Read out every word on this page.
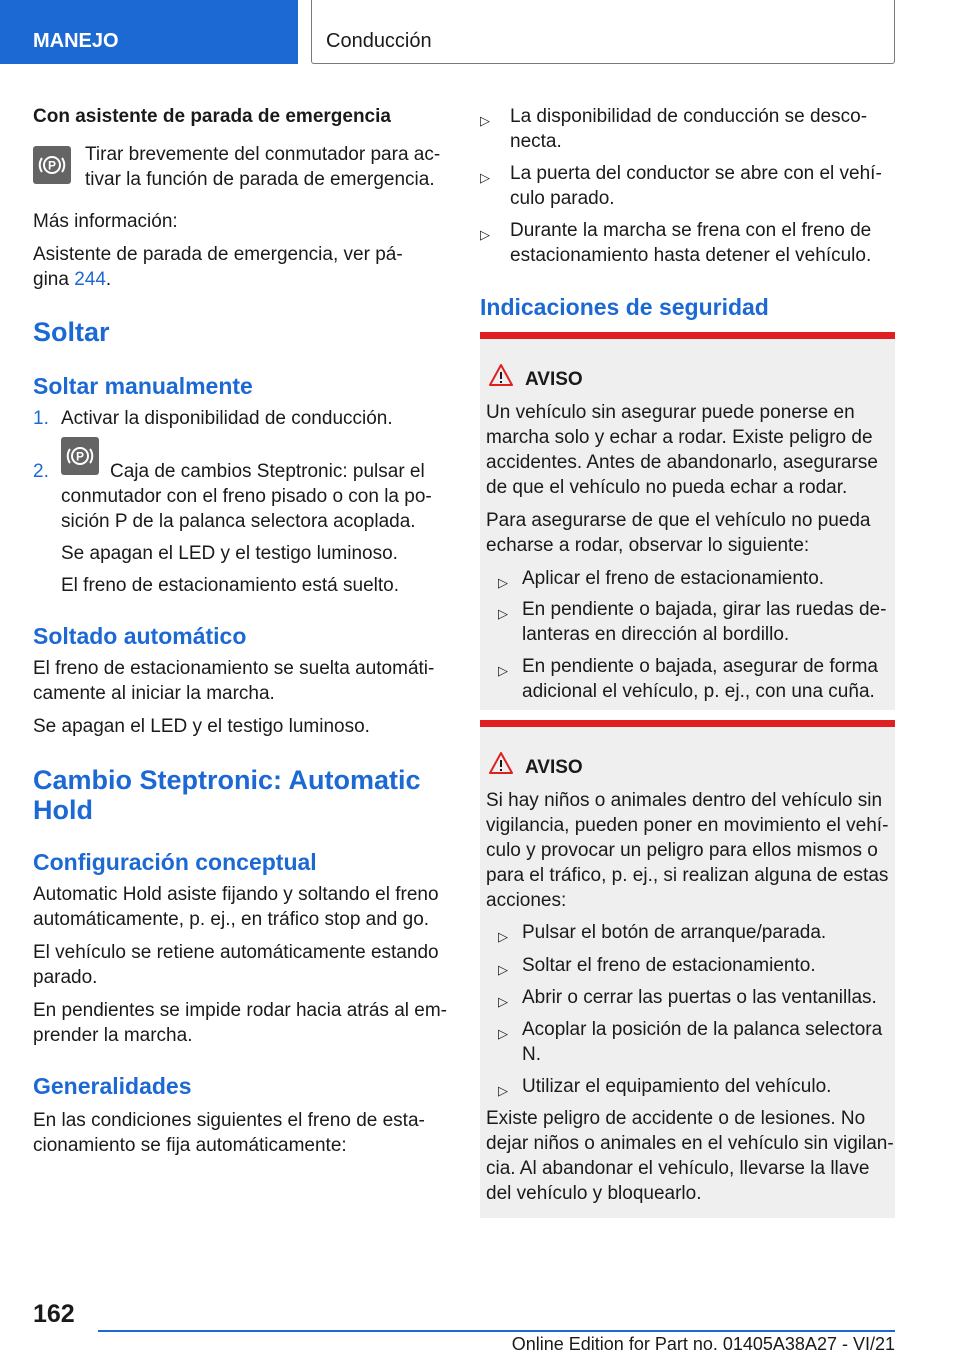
MANEJO	Conducción

Con asistente de parada de emergencia

P

Tirar brevemente del conmutador para ac-
tivar la función de parada de emergencia.

Más información:

Asistente de parada de emergencia, ver pá-
gina 244.

Soltar

Soltar manualmente

1. Activar la disponibilidad de conducción.
2.	Caja de cambios Steptronic: pulsar el
P

conmutador con el freno pisado o con la po-
sición P de la palanca selectora acoplada.

Se apagan el LED y el testigo luminoso.

El freno de estacionamiento está suelto.

Soltado automático

El freno de estacionamiento se suelta automáti-
camente al iniciar la marcha.

Se apagan el LED y el testigo luminoso.

Cambio Steptronic: Automatic
Hold

Configuración conceptual

Automatic Hold asiste fijando y soltando el freno
automáticamente, p. ej., en tráfico stop and go.

El vehículo se retiene automáticamente estando
parado.

En pendientes se impide rodar hacia atrás al em-
prender la marcha.

Generalidades

En las condiciones siguientes el freno de esta-
cionamiento se fija automáticamente:

▷ La disponibilidad de conducción se desco-
necta.
▷ La puerta del conductor se abre con el vehí-
culo parado.
▷ Durante la marcha se frena con el freno de
estacionamiento hasta detener el vehículo.

Indicaciones de seguridad

AVISO

Un vehículo sin asegurar puede ponerse en
marcha solo y echar a rodar. Existe peligro de
accidentes. Antes de abandonarlo, asegurarse
de que el vehículo no pueda echar a rodar.

Para asegurarse de que el vehículo no pueda
echarse a rodar, observar lo siguiente:

▷ Aplicar el freno de estacionamiento.
▷ En pendiente o bajada, girar las ruedas de-
lanteras en dirección al bordillo.
▷ En pendiente o bajada, asegurar de forma
adicional el vehículo, p. ej., con una cuña.

AVISO

Si hay niños o animales dentro del vehículo sin
vigilancia, pueden poner en movimiento el vehí-
culo y provocar un peligro para ellos mismos o
para el tráfico, p. ej., si realizan alguna de estas
acciones:

▷ Pulsar el botón de arranque/parada.
▷ Soltar el freno de estacionamiento.
▷ Abrir o cerrar las puertas o las ventanillas.
▷ Acoplar la posición de la palanca selectora
N.
▷ Utilizar el equipamiento del vehículo.

Existe peligro de accidente o de lesiones. No
dejar niños o animales en el vehículo sin vigilan-
cia. Al abandonar el vehículo, llevarse la llave
del vehículo y bloquearlo.

162
Online Edition for Part no. 01405A38A27 - VI/21
